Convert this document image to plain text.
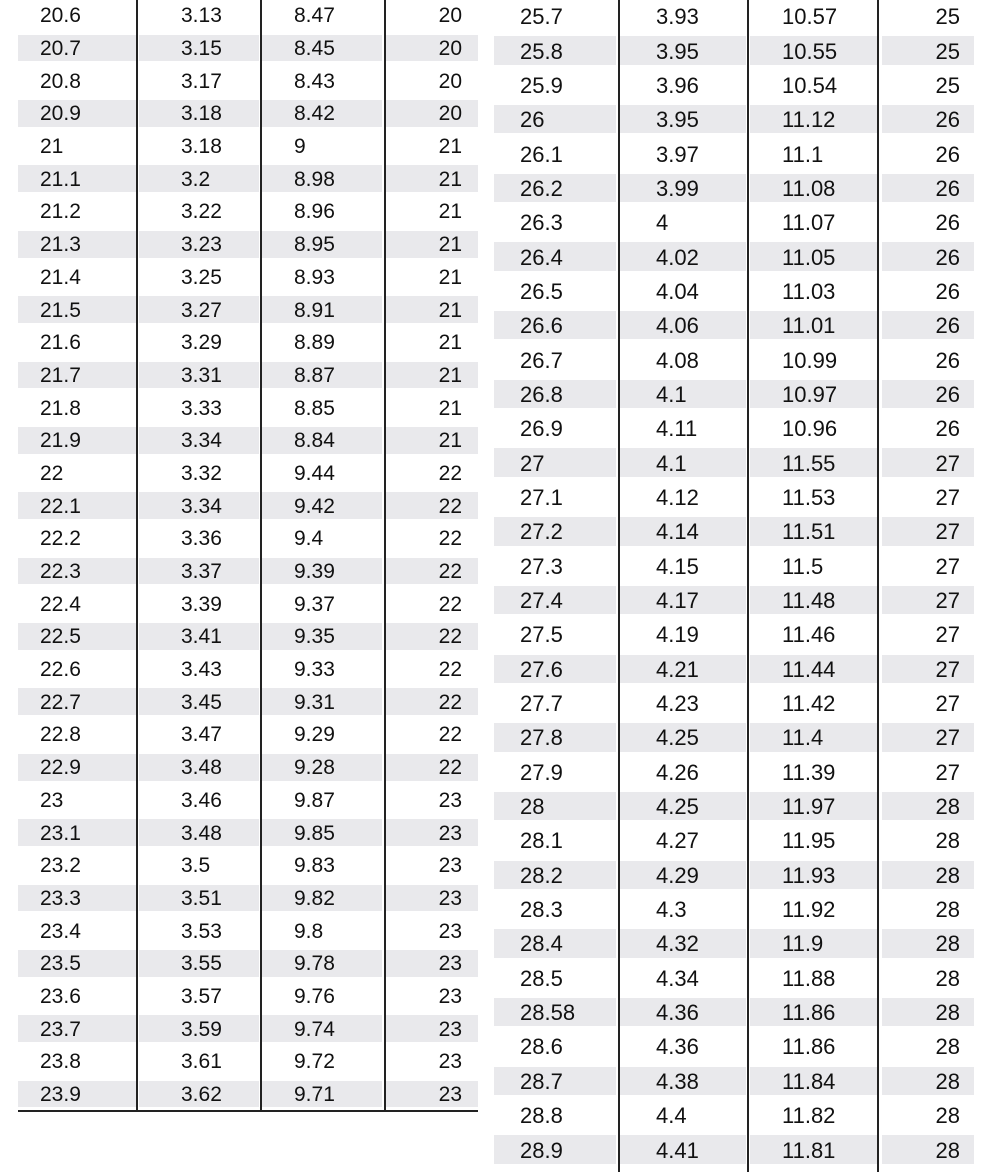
20.6	3.13	8.47	20
20.7	3.15	8.45	20
20.8	3.17	8.43	20
20.9	3.18	8.42	20
21	3.18	9	21
21.1	3.2	8.98	21
21.2	3.22	8.96	21
21.3	3.23	8.95	21
21.4	3.25	8.93	21
21.5	3.27	8.91	21
21.6	3.29	8.89	21
21.7	3.31	8.87	21
21.8	3.33	8.85	21
21.9	3.34	8.84	21
22	3.32	9.44	22
22.1	3.34	9.42	22
22.2	3.36	9.4	22
22.3	3.37	9.39	22
22.4	3.39	9.37	22
22.5	3.41	9.35	22
22.6	3.43	9.33	22
22.7	3.45	9.31	22
22.8	3.47	9.29	22
22.9	3.48	9.28	22
23	3.46	9.87	23
23.1	3.48	9.85	23
23.2	3.5	9.83	23
23.3	3.51	9.82	23
23.4	3.53	9.8	23
23.5	3.55	9.78	23
23.6	3.57	9.76	23
23.7	3.59	9.74	23
23.8	3.61	9.72	23
23.9	3.62	9.71	23
25.7	3.93	10.57	25
25.8	3.95	10.55	25
25.9	3.96	10.54	25
26	3.95	11.12	26
26.1	3.97	11.1	26
26.2	3.99	11.08	26
26.3	4	11.07	26
26.4	4.02	11.05	26
26.5	4.04	11.03	26
26.6	4.06	11.01	26
26.7	4.08	10.99	26
26.8	4.1	10.97	26
26.9	4.11	10.96	26
27	4.1	11.55	27
27.1	4.12	11.53	27
27.2	4.14	11.51	27
27.3	4.15	11.5	27
27.4	4.17	11.48	27
27.5	4.19	11.46	27
27.6	4.21	11.44	27
27.7	4.23	11.42	27
27.8	4.25	11.4	27
27.9	4.26	11.39	27
28	4.25	11.97	28
28.1	4.27	11.95	28
28.2	4.29	11.93	28
28.3	4.3	11.92	28
28.4	4.32	11.9	28
28.5	4.34	11.88	28
28.58	4.36	11.86	28
28.6	4.36	11.86	28
28.7	4.38	11.84	28
28.8	4.4	11.82	28
28.9	4.41	11.81	28
